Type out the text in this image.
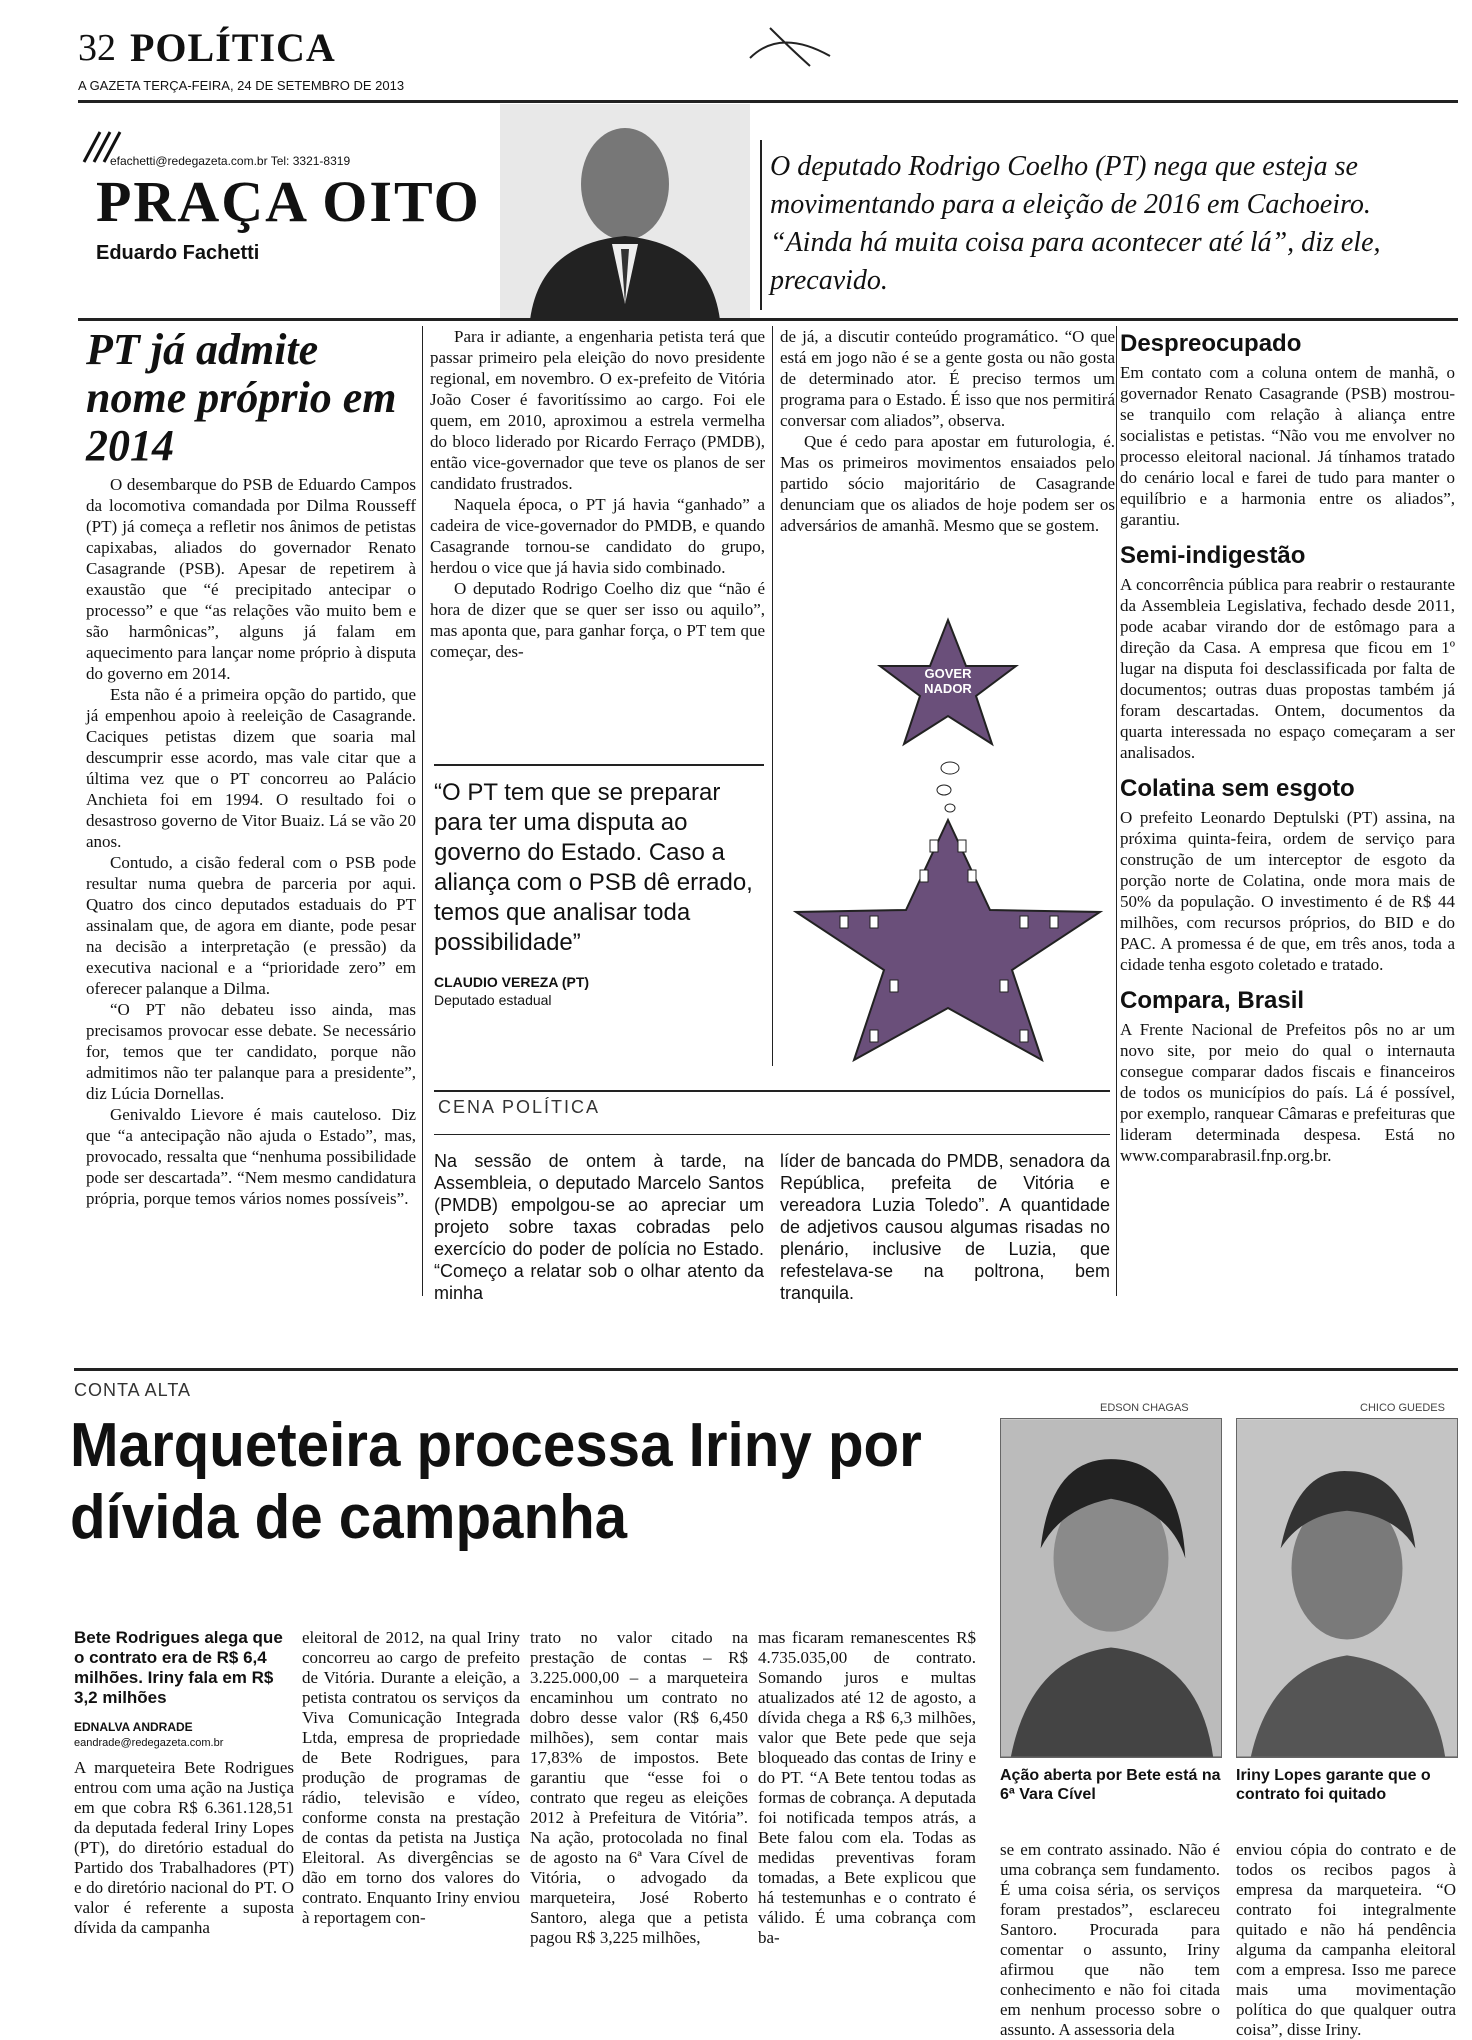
32 POLÍTICA
A GAZETA TERÇA-FEIRA, 24 DE SETEMBRO DE 2013
efachetti@redegazeta.com.br Tel: 3321-8319
PRAÇA OITO
Eduardo Fachetti
O deputado Rodrigo Coelho (PT) nega que esteja se movimentando para a eleição de 2016 em Cachoeiro. “Ainda há muita coisa para acontecer até lá”, diz ele, precavido.
PT já admite nome próprio em 2014

O desembarque do PSB de Eduardo Campos da locomotiva comandada por Dilma Rousseff (PT) já começa a refletir nos ânimos de petistas capixabas, aliados do governador Renato Casagrande (PSB). Apesar de repetirem à exaustão que “é precipitado antecipar o processo” e que “as relações vão muito bem e são harmônicas”, alguns já falam em aquecimento para lançar nome próprio à disputa do governo em 2014.

Esta não é a primeira opção do partido, que já empenhou apoio à reeleição de Casagrande. Caciques petistas dizem que soaria mal descumprir esse acordo, mas vale citar que a última vez que o PT concorreu ao Palácio Anchieta foi em 1994. O resultado foi o desastroso governo de Vitor Buaiz. Lá se vão 20 anos.

Contudo, a cisão federal com o PSB pode resultar numa quebra de parceria por aqui. Quatro dos cinco deputados estaduais do PT assinalam que, de agora em diante, pode pesar na decisão a interpretação (e pressão) da executiva nacional e a “prioridade zero” em oferecer palanque a Dilma.

“O PT não debateu isso ainda, mas precisamos provocar esse debate. Se necessário for, temos que ter candidato, porque não admitimos não ter palanque para a presidente”, diz Lúcia Dornellas.

Genivaldo Lievore é mais cauteloso. Diz que “a antecipação não ajuda o Estado”, mas, provocado, ressalta que “nenhuma possibilidade pode ser descartada”. “Nem mesmo candidatura própria, porque temos vários nomes possíveis”.

Para ir adiante, a engenharia petista terá que passar primeiro pela eleição do novo presidente regional, em novembro. O ex-prefeito de Vitória João Coser é favoritíssimo ao cargo. Foi ele quem, em 2010, aproximou a estrela vermelha do bloco liderado por Ricardo Ferraço (PMDB), então vice-governador que teve os planos de ser candidato frustrados.

Naquela época, o PT já havia “ganhado” a cadeira de vice-governador do PMDB, e quando Casagrande tornou-se candidato do grupo, herdou o vice que já havia sido combinado.

O deputado Rodrigo Coelho diz que “não é hora de dizer que se quer ser isso ou aquilo”, mas aponta que, para ganhar força, o PT tem que começar, des-

“O PT tem que se preparar para ter uma disputa ao governo do Estado. Caso a aliança com o PSB dê errado, temos que analisar toda possibilidade”
CLAUDIO VEREZA (PT)
Deputado estadual

de já, a discutir conteúdo programático. “O que está em jogo não é se a gente gosta ou não gosta de determinado ator. É preciso termos um programa para o Estado. É isso que nos permitirá conversar com aliados”, observa.

Que é cedo para apostar em futurologia, é. Mas os primeiros movimentos ensaiados pelo partido sócio majoritário de Casagrande denunciam que os aliados de hoje podem ser os adversários de amanhã. Mesmo que se gostem.

GOVER NADOR
Despreocupado
Em contato com a coluna ontem de manhã, o governador Renato Casagrande (PSB) mostrou-se tranquilo com relação à aliança entre socialistas e petistas. “Não vou me envolver no processo eleitoral nacional. Já tínhamos tratado do cenário local e farei de tudo para manter o equilíbrio e a harmonia entre os aliados”, garantiu.
Semi-indigestão
A concorrência pública para reabrir o restaurante da Assembleia Legislativa, fechado desde 2011, pode acabar virando dor de estômago para a direção da Casa. A empresa que ficou em 1º lugar na disputa foi desclassificada por falta de documentos; outras duas propostas também já foram descartadas. Ontem, documentos da quarta interessada no espaço começaram a ser analisados.
Colatina sem esgoto
O prefeito Leonardo Deptulski (PT) assina, na próxima quinta-feira, ordem de serviço para construção de um interceptor de esgoto da porção norte de Colatina, onde mora mais de 50% da população. O investimento é de R$ 44 milhões, com recursos próprios, do BID e do PAC. A promessa é de que, em três anos, toda a cidade tenha esgoto coletado e tratado.
Compara, Brasil
A Frente Nacional de Prefeitos pôs no ar um novo site, por meio do qual o internauta consegue comparar dados fiscais e financeiros de todos os municípios do país. Lá é possível, por exemplo, ranquear Câmaras e prefeituras que lideram determinada despesa. Está no www.comparabrasil.fnp.org.br.
CENA POLÍTICA
Na sessão de ontem à tarde, na Assembleia, o deputado Marcelo Santos (PMDB) empolgou-se ao apreciar um projeto sobre taxas cobradas pelo exercício do poder de polícia no Estado. “Começo a relatar sob o olhar atento da minha
líder de bancada do PMDB, senadora da República, prefeita de Vitória e vereadora Luzia Toledo”. A quantidade de adjetivos causou algumas risadas no plenário, inclusive de Luzia, que refestelava-se na poltrona, bem tranquila.
CONTA ALTA
Marqueteira processa Iriny por dívida de campanha
Bete Rodrigues alega que o contrato era de R$ 6,4 milhões. Iriny fala em R$ 3,2 milhões
EDNALVA ANDRADE
eandrade@redegazeta.com.br
A marqueteira Bete Rodrigues entrou com uma ação na Justiça em que cobra R$ 6.361.128,51 da deputada federal Iriny Lopes (PT), do diretório estadual do Partido dos Trabalhadores (PT) e do diretório nacional do PT. O valor é referente a suposta dívida da campanha
eleitoral de 2012, na qual Iriny concorreu ao cargo de prefeito de Vitória. Durante a eleição, a petista contratou os serviços da Viva Comunicação Integrada Ltda, empresa de propriedade de Bete Rodrigues, para produção de programas de rádio, televisão e vídeo, conforme consta na prestação de contas da petista na Justiça Eleitoral. As divergências se dão em torno dos valores do contrato. Enquanto Iriny enviou à reportagem con-
trato no valor citado na prestação de contas – R$ 3.225.000,00 – a marqueteira encaminhou um contrato no dobro desse valor (R$ 6,450 milhões), sem contar mais 17,83% de impostos. Bete garantiu que “esse foi o contrato que regeu as eleições 2012 à Prefeitura de Vitória”. Na ação, protocolada no final de agosto na 6ª Vara Cível de Vitória, o advogado da marqueteira, José Roberto Santoro, alega que a petista pagou R$ 3,225 milhões,
mas ficaram remanescentes R$ 4.735.035,00 de contrato. Somando juros e multas atualizados até 12 de agosto, a dívida chega a R$ 6,3 milhões, valor que Bete pede que seja bloqueado das contas de Iriny e do PT. “A Bete tentou todas as formas de cobrança. A deputada foi notificada tempos atrás, a Bete falou com ela. Todas as medidas preventivas foram tomadas, a Bete explicou que há testemunhas e o contrato é válido. É uma cobrança com ba-
EDSON CHAGAS	CHICO GUEDES
Ação aberta por Bete está na 6ª Vara Cível
Iriny Lopes garante que o contrato foi quitado
se em contrato assinado. Não é uma cobrança sem fundamento. É uma coisa séria, os serviços foram prestados”, esclareceu Santoro. Procurada para comentar o assunto, Iriny afirmou que não tem conhecimento e não foi citada em nenhum processo sobre o assunto. A assessoria dela
enviou cópia do contrato e de todos os recibos pagos à empresa da marqueteira. “O contrato foi integralmente quitado e não há pendência alguma da campanha eleitoral com a empresa. Isso me parece mais uma movimentação política do que qualquer outra coisa”, disse Iriny.
